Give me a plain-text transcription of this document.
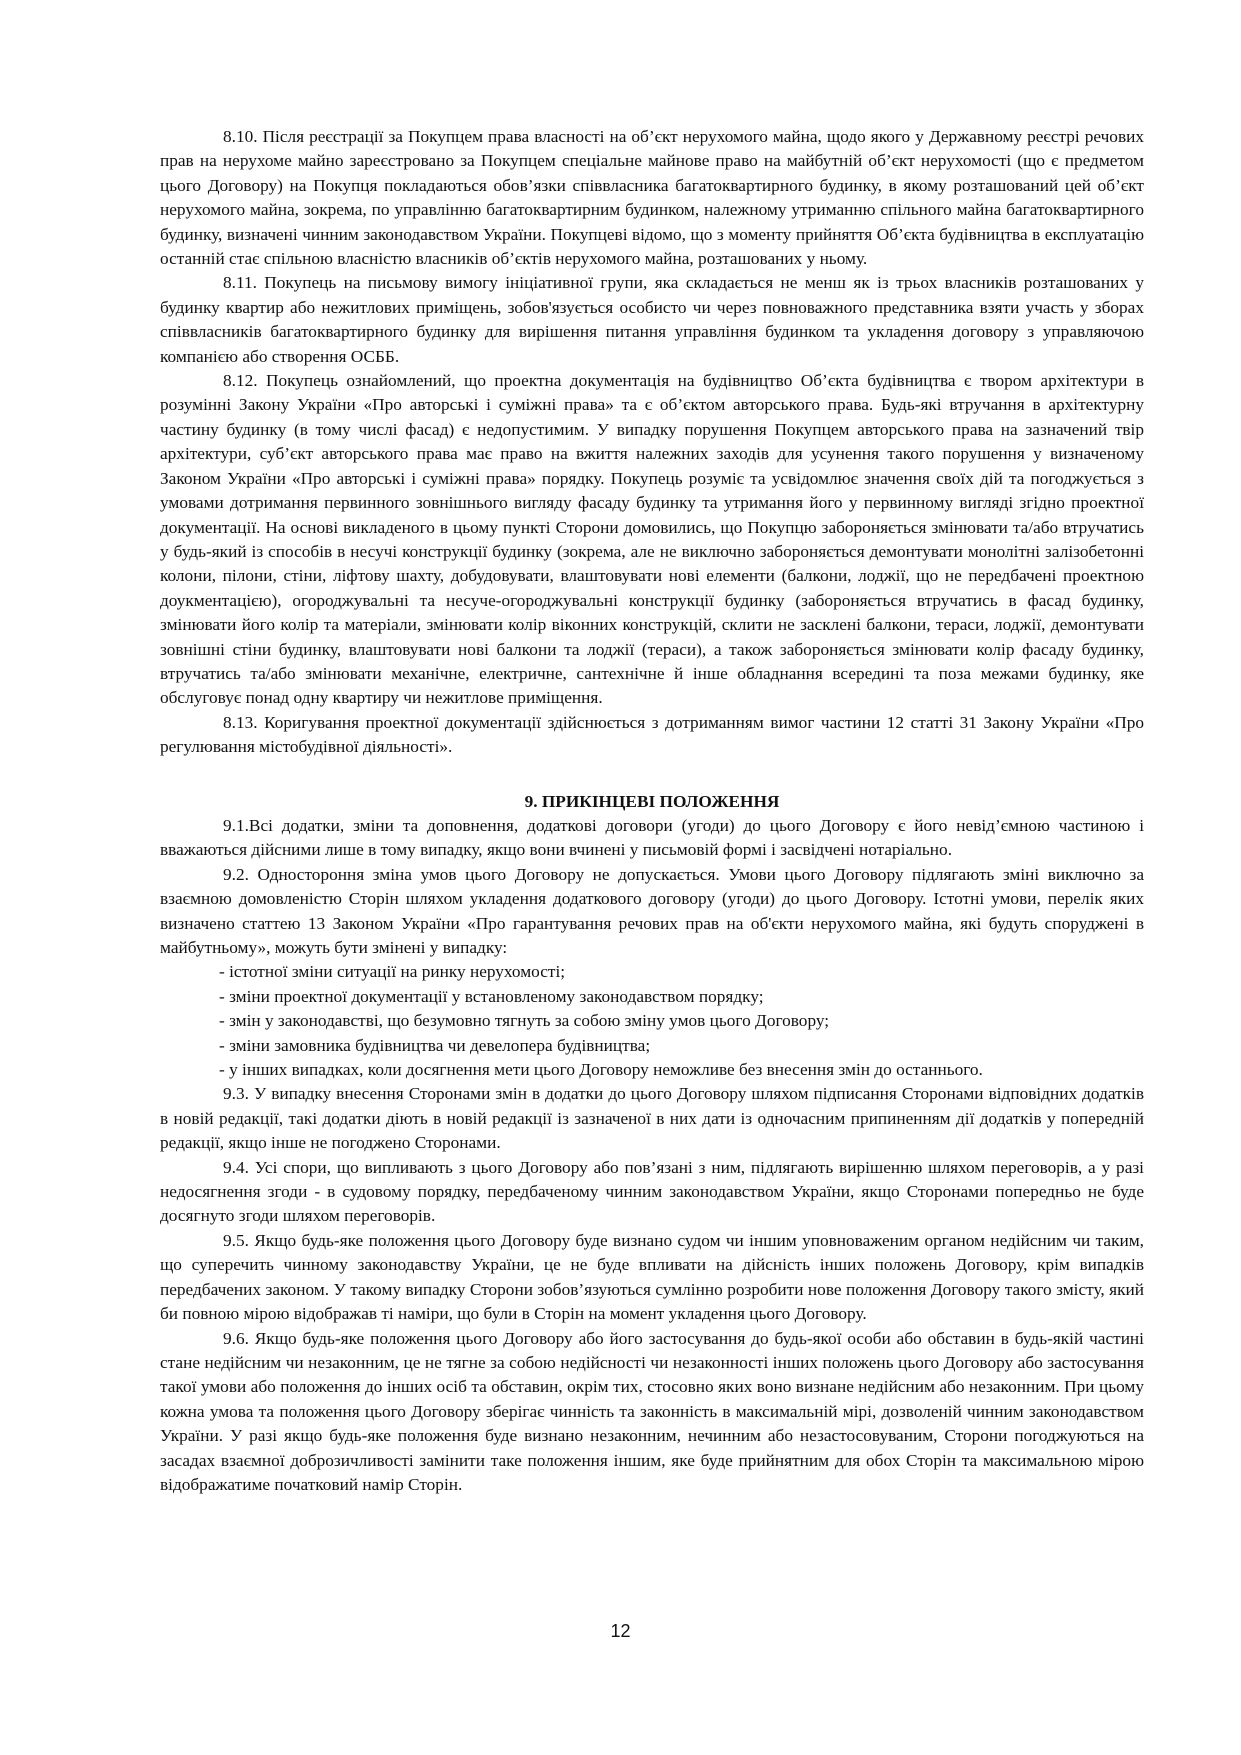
8.10. Після реєстрації за Покупцем права власності на об’єкт нерухомого майна, щодо якого у Державному реєстрі речових прав на нерухоме майно зареєстровано за Покупцем спеціальне майнове право на майбутній об’єкт нерухомості (що є предметом цього Договору) на Покупця покладаються обов’язки співвласника багатоквартирного будинку, в якому розташований цей об’єкт нерухомого майна, зокрема, по управлінню багатоквартирним будинком, належному утриманню спільного майна багатоквартирного будинку, визначені чинним законодавством України. Покупцеві відомо, що з моменту прийняття Об’єкта будівництва в експлуатацію останній стає спільною власністю власників об’єктів нерухомого майна, розташованих у ньому.

8.11. Покупець на письмову вимогу ініціативної групи, яка складається не менш як із трьох власників розташованих у будинку квартир або нежитлових приміщень, зобов'язується особисто чи через повноважного представника взяти участь у зборах співвласників багатоквартирного будинку для вирішення питання управління будинком та укладення договору з управляючою компанією або створення ОСББ.

8.12. Покупець ознайомлений, що проектна документація на будівництво Об’єкта будівництва є твором архітектури в розумінні Закону України «Про авторські і суміжні права» та є об’єктом авторського права. Будь-які втручання в архітектурну частину будинку (в тому числі фасад) є недопустимим. У випадку порушення Покупцем авторського права на зазначений твір архітектури, суб’єкт авторського права має право на вжиття належних заходів для усунення такого порушення у визначеному Законом України «Про авторські і суміжні права» порядку. Покупець розуміє та усвідомлює значення своїх дій та погоджується з умовами дотримання первинного зовнішнього вигляду фасаду будинку та утримання його у первинному вигляді згідно проектної документації. На основі викладеного в цьому пункті Сторони домовились, що Покупцю забороняється змінювати та/або втручатись у будь-який із способів в несучі конструкції будинку (зокрема, але не виключно забороняється демонтувати монолітні залізобетонні колони, пілони, стіни, ліфтову шахту, добудовувати, влаштовувати нові елементи (балкони, лоджії, що не передбачені проектною доукментацією), огороджувальні та несуче-огороджувальні конструкції будинку (забороняється втручатись в фасад будинку, змінювати його колір та матеріали, змінювати колір віконних конструкцій, склити не засклені балкони, тераси, лоджії, демонтувати зовнішні стіни будинку, влаштовувати нові балкони та лоджії (тераси), а також забороняється змінювати колір фасаду будинку, втручатись та/або змінювати механічне, електричне, сантехнічне й інше обладнання всередині та поза межами будинку, яке обслуговує понад одну квартиру чи нежитлове приміщення.

8.13. Коригування проектної документації здійснюється з дотриманням вимог частини 12 статті 31 Закону України «Про регулювання містобудівної діяльності».

9. ПРИКІНЦЕВІ ПОЛОЖЕННЯ

9.1.Всі додатки, зміни та доповнення, додаткові договори (угоди) до цього Договору є його невід’ємною частиною і вважаються дійсними лише в тому випадку, якщо вони вчинені у письмовій формі і засвідчені нотаріально.

9.2. Одностороння зміна умов цього Договору не допускається. Умови цього Договору підлягають зміні виключно за взаємною домовленістю Сторін шляхом укладення додаткового договору (угоди) до цього Договору. Істотні умови, перелік яких визначено статтею 13 Законом України «Про гарантування речових прав на об'єкти нерухомого майна, які будуть споруджені в майбутньому», можуть бути змінені у випадку:

- істотної зміни ситуації на ринку нерухомості;
- зміни проектної документації у встановленому законодавством порядку;
- змін у законодавстві, що безумовно тягнуть за собою зміну умов цього Договору;
- зміни замовника будівництва чи девелопера будівництва;
- у інших випадках, коли досягнення мети цього Договору неможливе без внесення змін до останнього.

9.3. У випадку внесення Сторонами змін в додатки до цього Договору шляхом підписання Сторонами відповідних додатків в новій редакції, такі додатки діють в новій редакції із зазначеної в них дати із одночасним припиненням дії додатків у попередній редакції, якщо інше не погоджено Сторонами.

9.4. Усі спори, що випливають з цього Договору або пов’язані з ним, підлягають вирішенню шляхом переговорів, а у разі недосягнення згоди - в судовому порядку, передбаченому чинним законодавством України, якщо Сторонами попередньо не буде досягнуто згоди шляхом переговорів.

9.5. Якщо будь-яке положення цього Договору буде визнано судом чи іншим уповноваженим органом недійсним чи таким, що суперечить чинному законодавству України, це не буде впливати на дійсність інших положень Договору, крім випадків передбачених законом. У такому випадку Сторони зобов’язуються сумлінно розробити нове положення Договору такого змісту, який би повною мірою відображав ті наміри, що були в Сторін на момент укладення цього Договору.

9.6. Якщо будь-яке положення цього Договору або його застосування до будь-якої особи або обставин в будь-якій частині стане недійсним чи незаконним, це не тягне за собою недійсності чи незаконності інших положень цього Договору або застосування такої умови або положення до інших осіб та обставин, окрім тих, стосовно яких воно визнане недійсним або незаконним. При цьому кожна умова та положення цього Договору зберігає чинність та законність в максимальній мірі, дозволеній чинним законодавством України. У разі якщо будь-яке положення буде визнано незаконним, нечинним або незастосовуваним, Сторони погоджуються на засадах взаємної доброзичливості замінити таке положення іншим, яке буде прийнятним для обох Сторін та максимальною мірою відображатиме початковий намір Сторін.

12
